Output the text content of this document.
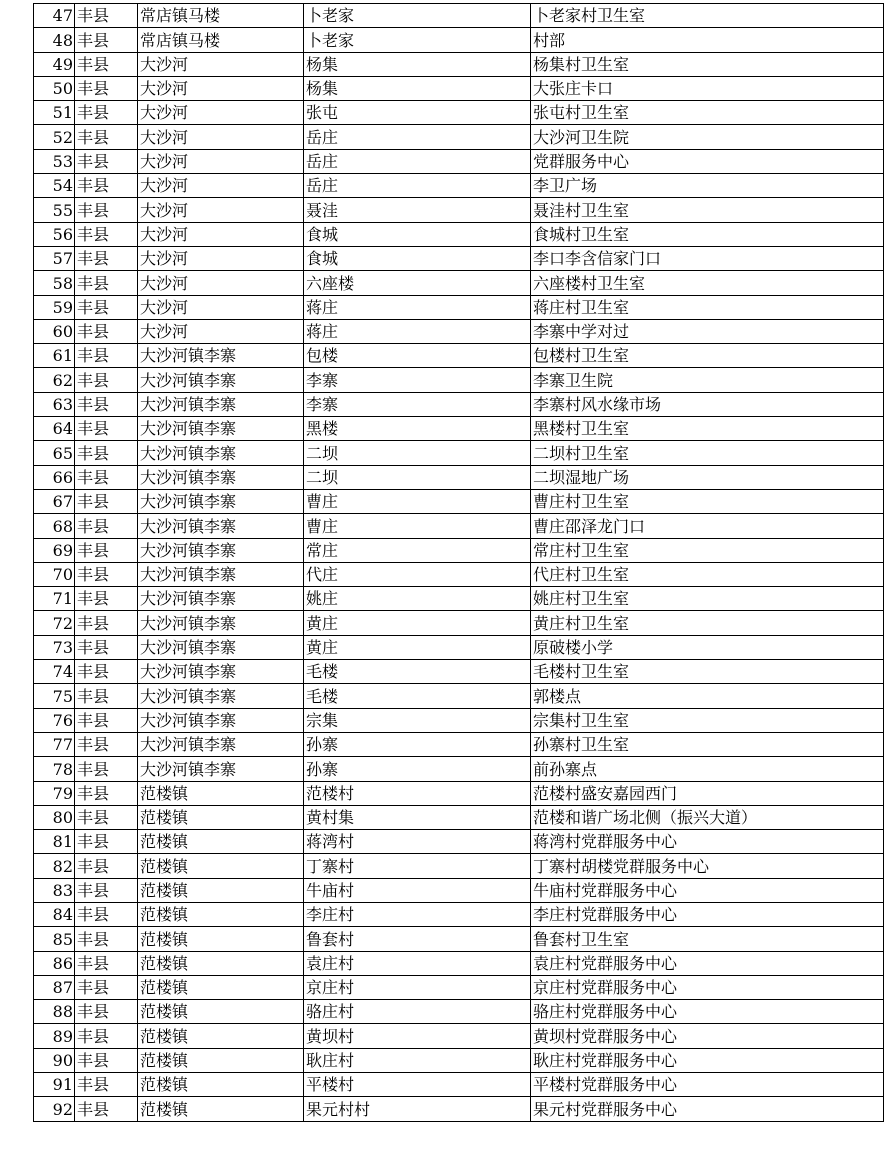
47	丰县	常店镇马楼	卜老家	卜老家村卫生室
48	丰县	常店镇马楼	卜老家	村部
49	丰县	大沙河	杨集	杨集村卫生室
50	丰县	大沙河	杨集	大张庄卡口
51	丰县	大沙河	张屯	张屯村卫生室
52	丰县	大沙河	岳庄	大沙河卫生院
53	丰县	大沙河	岳庄	党群服务中心
54	丰县	大沙河	岳庄	李卫广场
55	丰县	大沙河	聂洼	聂洼村卫生室
56	丰县	大沙河	食城	食城村卫生室
57	丰县	大沙河	食城	李口李含信家门口
58	丰县	大沙河	六座楼	六座楼村卫生室
59	丰县	大沙河	蒋庄	蒋庄村卫生室
60	丰县	大沙河	蒋庄	李寨中学对过
61	丰县	大沙河镇李寨	包楼	包楼村卫生室
62	丰县	大沙河镇李寨	李寨	李寨卫生院
63	丰县	大沙河镇李寨	李寨	李寨村风水缘市场
64	丰县	大沙河镇李寨	黑楼	黑楼村卫生室
65	丰县	大沙河镇李寨	二坝	二坝村卫生室
66	丰县	大沙河镇李寨	二坝	二坝湿地广场
67	丰县	大沙河镇李寨	曹庄	曹庄村卫生室
68	丰县	大沙河镇李寨	曹庄	曹庄邵泽龙门口
69	丰县	大沙河镇李寨	常庄	常庄村卫生室
70	丰县	大沙河镇李寨	代庄	代庄村卫生室
71	丰县	大沙河镇李寨	姚庄	姚庄村卫生室
72	丰县	大沙河镇李寨	黄庄	黄庄村卫生室
73	丰县	大沙河镇李寨	黄庄	原破楼小学
74	丰县	大沙河镇李寨	毛楼	毛楼村卫生室
75	丰县	大沙河镇李寨	毛楼	郭楼点
76	丰县	大沙河镇李寨	宗集	宗集村卫生室
77	丰县	大沙河镇李寨	孙寨	孙寨村卫生室
78	丰县	大沙河镇李寨	孙寨	前孙寨点
79	丰县	范楼镇	范楼村	范楼村盛安嘉园西门
80	丰县	范楼镇	黄村集	范楼和谐广场北侧（振兴大道）
81	丰县	范楼镇	蒋湾村	蒋湾村党群服务中心
82	丰县	范楼镇	丁寨村	丁寨村胡楼党群服务中心
83	丰县	范楼镇	牛庙村	牛庙村党群服务中心
84	丰县	范楼镇	李庄村	李庄村党群服务中心
85	丰县	范楼镇	鲁套村	鲁套村卫生室
86	丰县	范楼镇	袁庄村	袁庄村党群服务中心
87	丰县	范楼镇	京庄村	京庄村党群服务中心
88	丰县	范楼镇	骆庄村	骆庄村党群服务中心
89	丰县	范楼镇	黄坝村	黄坝村党群服务中心
90	丰县	范楼镇	耿庄村	耿庄村党群服务中心
91	丰县	范楼镇	平楼村	平楼村党群服务中心
92	丰县	范楼镇	果元村村	果元村党群服务中心
